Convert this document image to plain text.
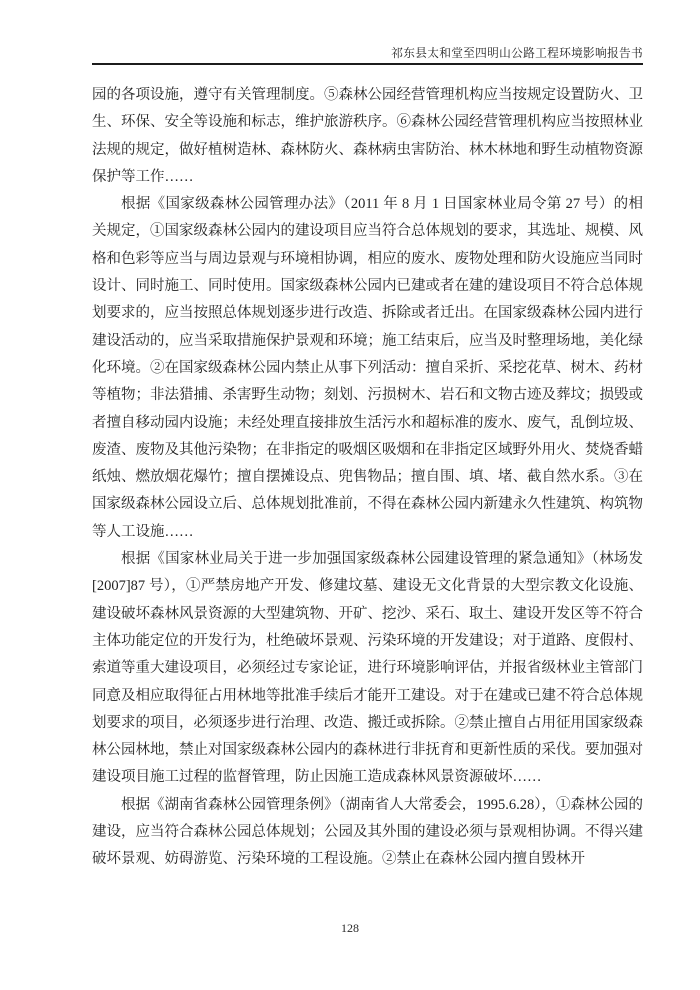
祁东县太和堂至四明山公路工程环境影响报告书

园的各项设施，遵守有关管理制度。⑤森林公园经营管理机构应当按规定设置防火、卫生、环保、安全等设施和标志，维护旅游秩序。⑥森林公园经营管理机构应当按照林业法规的规定，做好植树造林、森林防火、森林病虫害防治、林木林地和野生动植物资源保护等工作……

根据《国家级森林公园管理办法》（2011 年 8 月 1 日国家林业局令第 27 号）的相关规定，①国家级森林公园内的建设项目应当符合总体规划的要求，其选址、规模、风格和色彩等应当与周边景观与环境相协调，相应的废水、废物处理和防火设施应当同时设计、同时施工、同时使用。国家级森林公园内已建或者在建的建设项目不符合总体规划要求的，应当按照总体规划逐步进行改造、拆除或者迁出。在国家级森林公园内进行建设活动的，应当采取措施保护景观和环境；施工结束后，应当及时整理场地，美化绿化环境。②在国家级森林公园内禁止从事下列活动：擅自采折、采挖花草、树木、药材等植物；非法猎捕、杀害野生动物；刻划、污损树木、岩石和文物古迹及葬坟；损毁或者擅自移动园内设施；未经处理直接排放生活污水和超标准的废水、废气，乱倒垃圾、废渣、废物及其他污染物；在非指定的吸烟区吸烟和在非指定区域野外用火、焚烧香蜡纸烛、燃放烟花爆竹；擅自摆摊设点、兜售物品；擅自围、填、堵、截自然水系。③在国家级森林公园设立后、总体规划批准前，不得在森林公园内新建永久性建筑、构筑物等人工设施……

根据《国家林业局关于进一步加强国家级森林公园建设管理的紧急通知》（林场发[2007]87 号），①严禁房地产开发、修建坟墓、建设无文化背景的大型宗教文化设施、建设破坏森林风景资源的大型建筑物、开矿、挖沙、采石、取土、建设开发区等不符合主体功能定位的开发行为，杜绝破坏景观、污染环境的开发建设；对于道路、度假村、索道等重大建设项目，必须经过专家论证，进行环境影响评估，并报省级林业主管部门同意及相应取得征占用林地等批准手续后才能开工建设。对于在建或已建不符合总体规划要求的项目，必须逐步进行治理、改造、搬迁或拆除。②禁止擅自占用征用国家级森林公园林地，禁止对国家级森林公园内的森林进行非抚育和更新性质的采伐。要加强对建设项目施工过程的监督管理，防止因施工造成森林风景资源破坏……

根据《湖南省森林公园管理条例》（湖南省人大常委会，1995.6.28），①森林公园的建设，应当符合森林公园总体规划；公园及其外围的建设必须与景观相协调。不得兴建破坏景观、妨碍游览、污染环境的工程设施。②禁止在森林公园内擅自毁林开

128
